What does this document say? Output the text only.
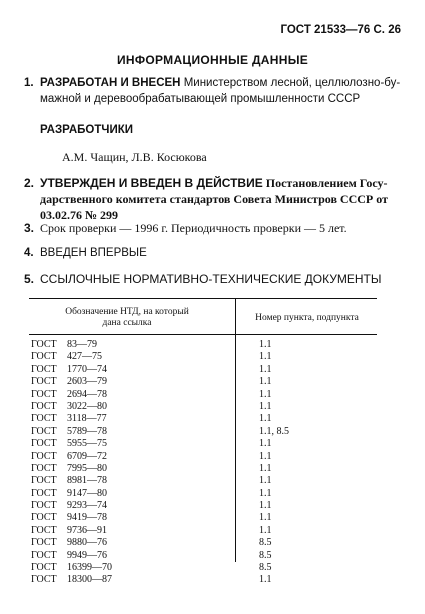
ГОСТ 21533—76 С. 26
ИНФОРМАЦИОННЫЕ ДАННЫЕ
1. РАЗРАБОТАН И ВНЕСЕН Министерством лесной, целлюлозно-бу-
мажной и деревообрабатывающей промышленности СССР
РАЗРАБОТЧИКИ
А.М. Чащин, Л.В. Косюкова
2. УТВЕРЖДЕН И ВВЕДЕН В ДЕЙСТВИЕ Постановлением Госу-
дарственного комитета стандартов Совета Министров СССР от
03.02.76 № 299
3. Срок проверки — 1996 г. Периодичность проверки — 5 лет.
4. ВВЕДЕН ВПЕРВЫЕ
5. ССЫЛОЧНЫЕ НОРМАТИВНО-ТЕХНИЧЕСКИЕ ДОКУМЕНТЫ
Обозначение НТД, на который
дана ссылка	Номер пункта, подпункта
ГОСТ 83—79	1.1
ГОСТ 427—75	1.1
ГОСТ 1770—74	1.1
ГОСТ 2603—79	1.1
ГОСТ 2694—78	1.1
ГОСТ 3022—80	1.1
ГОСТ 3118—77	1.1
ГОСТ 5789—78	1.1, 8.5
ГОСТ 5955—75	1.1
ГОСТ 6709—72	1.1
ГОСТ 7995—80	1.1
ГОСТ 8981—78	1.1
ГОСТ 9147—80	1.1
ГОСТ 9293—74	1.1
ГОСТ 9419—78	1.1
ГОСТ 9736—91	1.1
ГОСТ 9880—76	8.5
ГОСТ 9949—76	8.5
ГОСТ 16399—70	8.5
ГОСТ 18300—87	1.1
